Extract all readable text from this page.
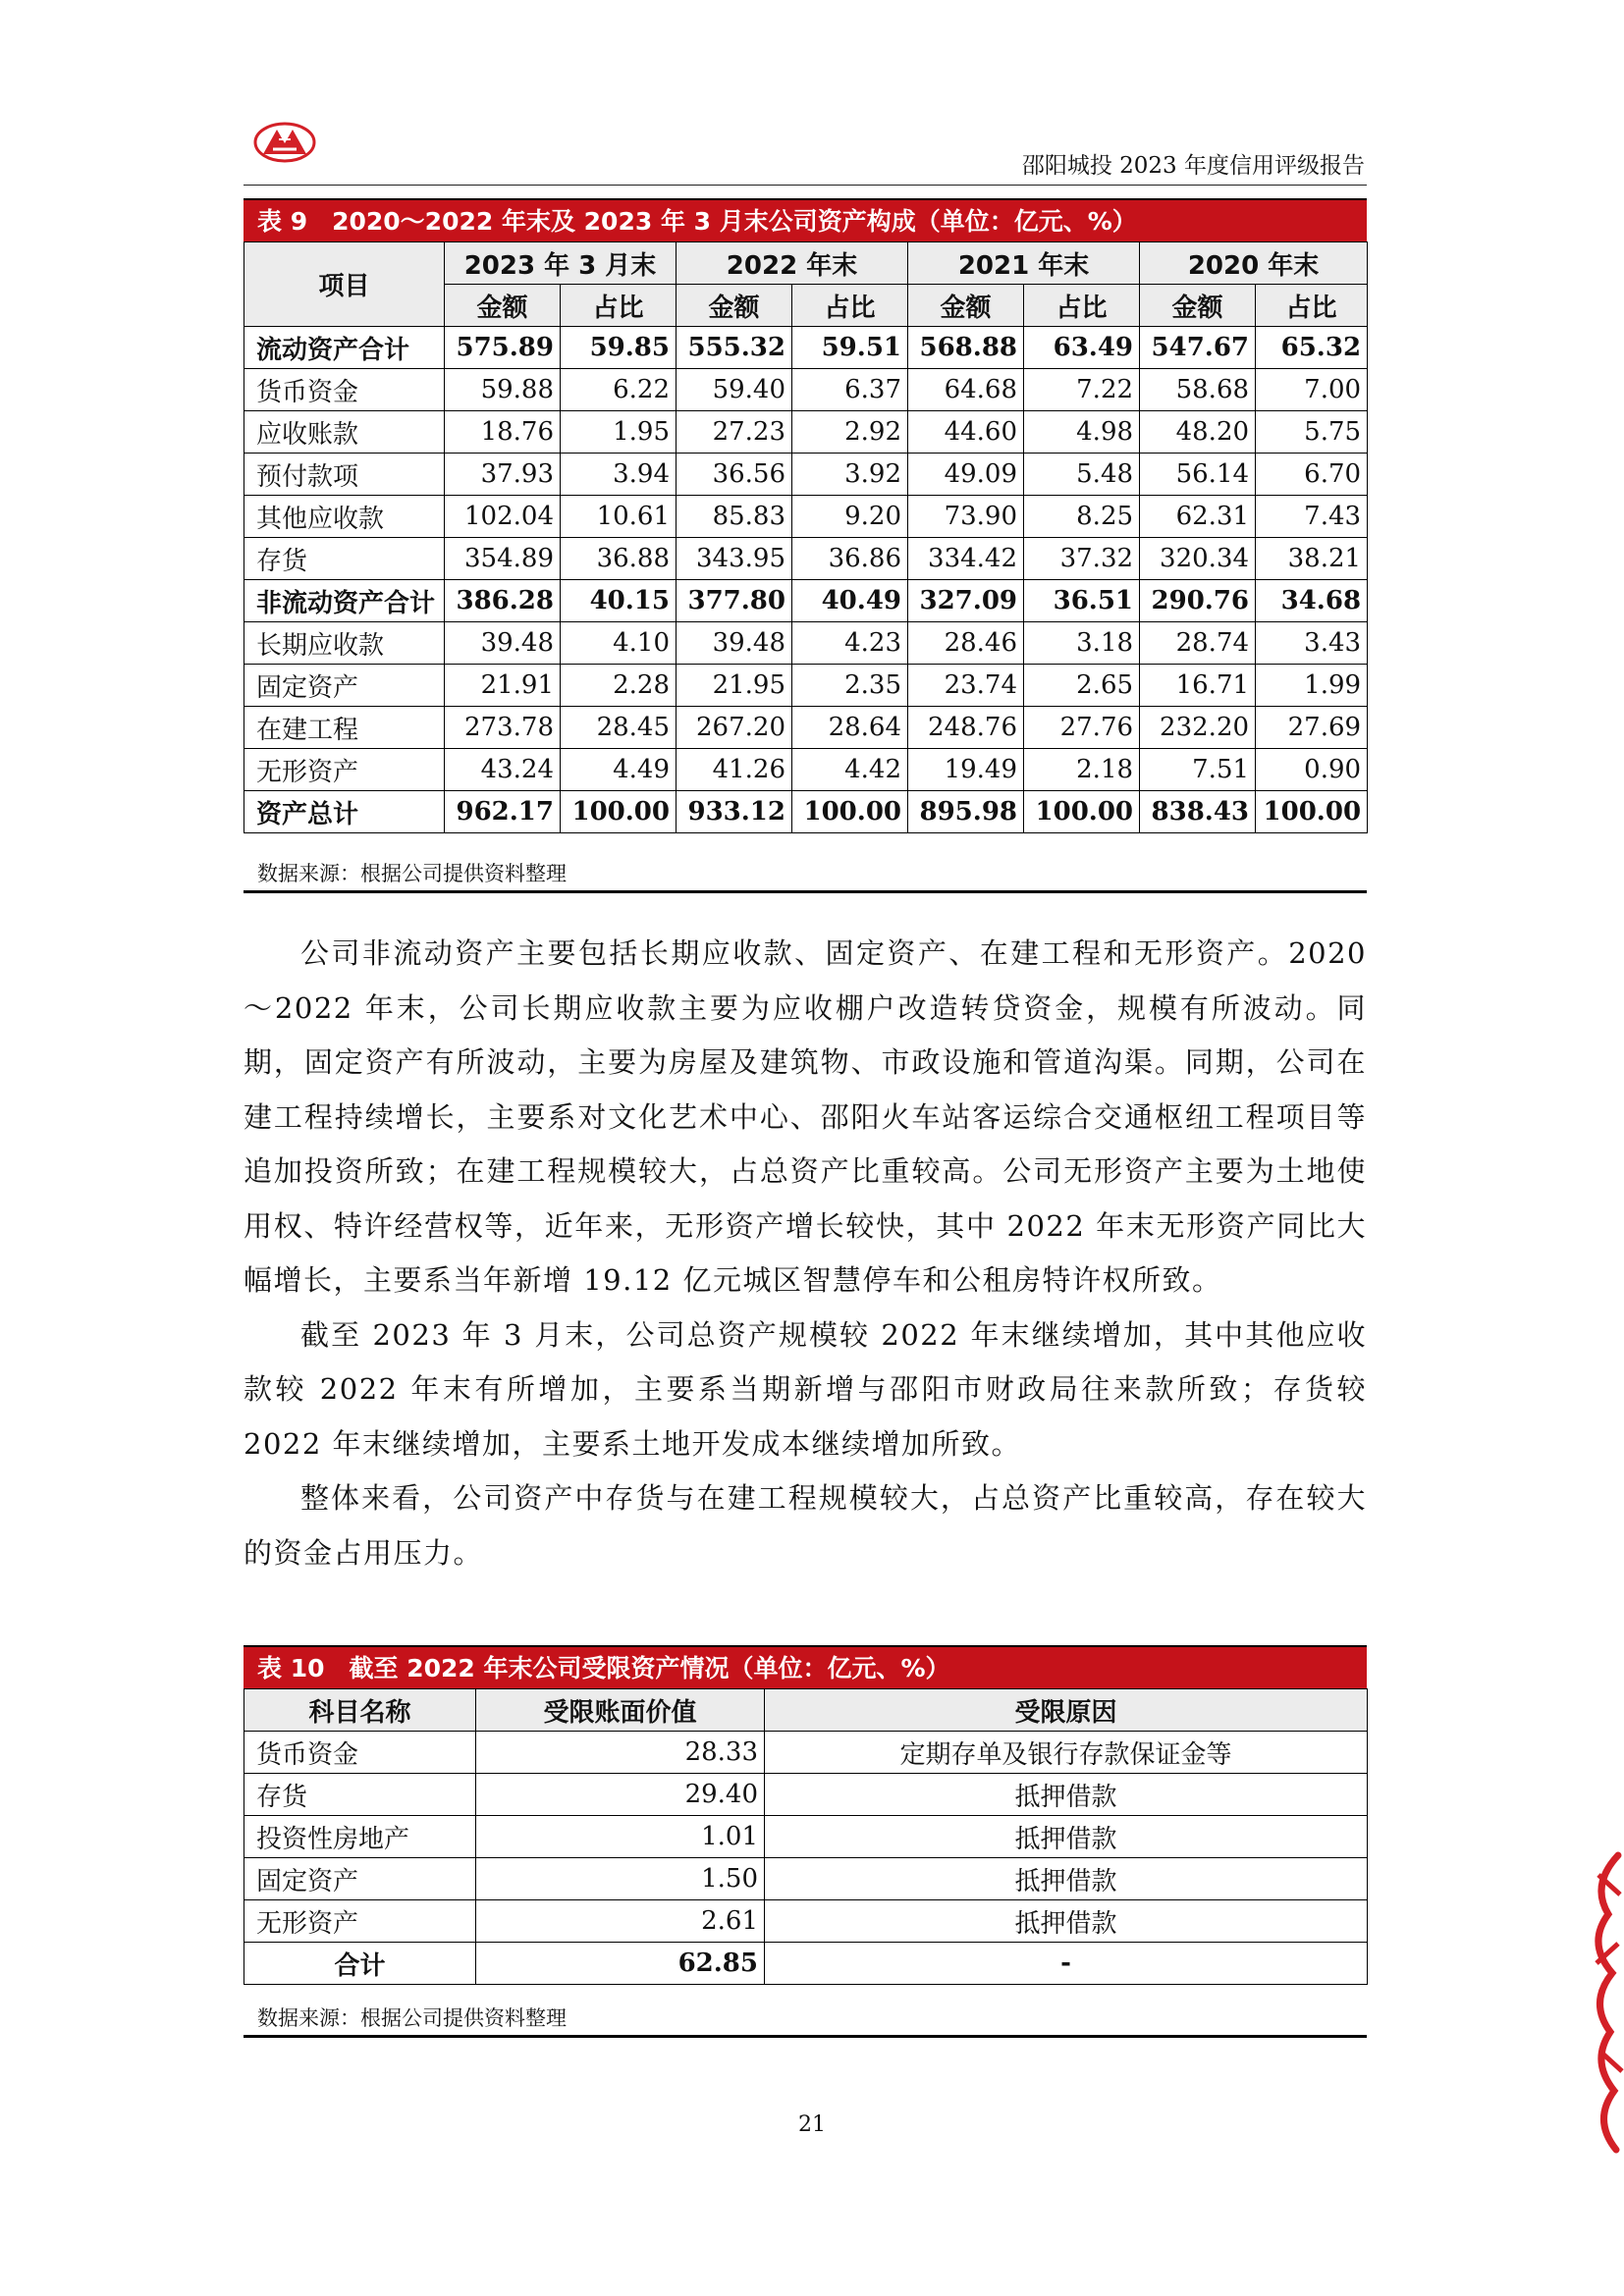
邵阳城投 2023 年度信用评级报告
表 9　2020～2022 年末及 2023 年 3 月末公司资产构成（单位：亿元、%）
项目	2023 年 3 月末		2022 年末		2021 年末		2020 年末	
	金额	占比	金额	占比	金额	占比	金额	占比
流动资产合计	575.89	59.85	555.32	59.51	568.88	63.49	547.67	65.32
货币资金	59.88	6.22	59.40	6.37	64.68	7.22	58.68	7.00
应收账款	18.76	1.95	27.23	2.92	44.60	4.98	48.20	5.75
预付款项	37.93	3.94	36.56	3.92	49.09	5.48	56.14	6.70
其他应收款	102.04	10.61	85.83	9.20	73.90	8.25	62.31	7.43
存货	354.89	36.88	343.95	36.86	334.42	37.32	320.34	38.21
非流动资产合计	386.28	40.15	377.80	40.49	327.09	36.51	290.76	34.68
长期应收款	39.48	4.10	39.48	4.23	28.46	3.18	28.74	3.43
固定资产	21.91	2.28	21.95	2.35	23.74	2.65	16.71	1.99
在建工程	273.78	28.45	267.20	28.64	248.76	27.76	232.20	27.69
无形资产	43.24	4.49	41.26	4.42	19.49	2.18	7.51	0.90
资产总计	962.17	100.00	933.12	100.00	895.98	100.00	838.43	100.00
数据来源：根据公司提供资料整理

公司非流动资产主要包括长期应收款、固定资产、在建工程和无形资产。2020～2022 年末，公司长期应收款主要为应收棚户改造转贷资金，规模有所波动。同期，固定资产有所波动，主要为房屋及建筑物、市政设施和管道沟渠。同期，公司在建工程持续增长，主要系对文化艺术中心、邵阳火车站客运综合交通枢纽工程项目等追加投资所致；在建工程规模较大，占总资产比重较高。公司无形资产主要为土地使用权、特许经营权等，近年来，无形资产增长较快，其中 2022 年末无形资产同比大幅增长，主要系当年新增 19.12 亿元城区智慧停车和公租房特许权所致。

截至 2023 年 3 月末，公司总资产规模较 2022 年末继续增加，其中其他应收款较 2022 年末有所增加，主要系当期新增与邵阳市财政局往来款所致；存货较 2022 年末继续增加，主要系土地开发成本继续增加所致。

整体来看，公司资产中存货与在建工程规模较大，占总资产比重较高，存在较大的资金占用压力。

表 10　截至 2022 年末公司受限资产情况（单位：亿元、%）
科目名称	受限账面价值	受限原因
货币资金	28.33	定期存单及银行存款保证金等
存货	29.40	抵押借款
投资性房地产	1.01	抵押借款
固定资产	1.50	抵押借款
无形资产	2.61	抵押借款
合计	62.85	-
数据来源：根据公司提供资料整理
21
